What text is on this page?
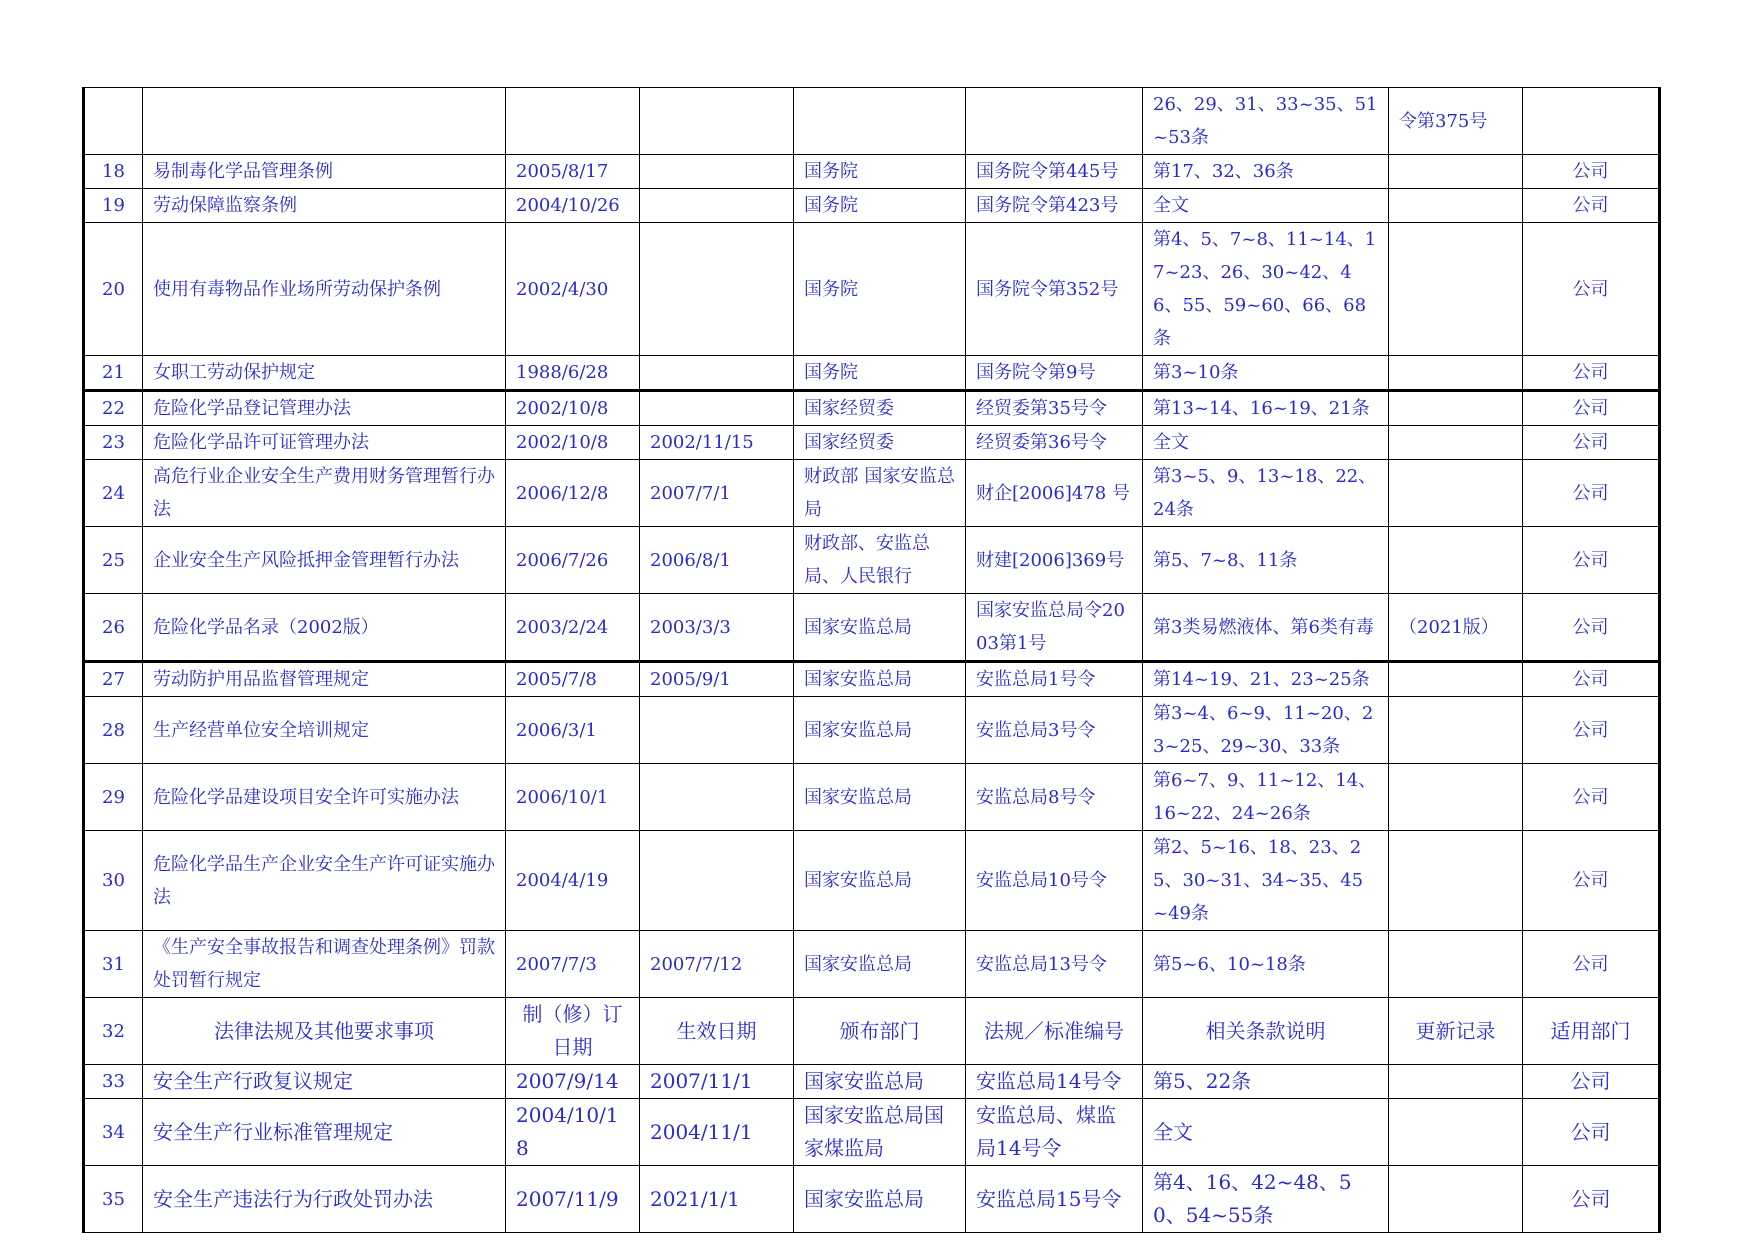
						26、29、31、33~35、51~53条	令第375号	
18	易制毒化学品管理条例	2005/8/17		国务院	国务院令第445号	第17、32、36条		公司
19	劳动保障监察条例	2004/10/26		国务院	国务院令第423号	全文		公司
20	使用有毒物品作业场所劳动保护条例	2002/4/30		国务院	国务院令第352号	第4、5、7~8、11~14、17~23、26、30~42、46、55、59~60、66、68条		公司
21	女职工劳动保护规定	1988/6/28		国务院	国务院令第9号	第3~10条		公司
22	危险化学品登记管理办法	2002/10/8		国家经贸委	经贸委第35号令	第13~14、16~19、21条		公司
23	危险化学品许可证管理办法	2002/10/8	2002/11/15	国家经贸委	经贸委第36号令	全文		公司
24	高危行业企业安全生产费用财务管理暂行办法	2006/12/8	2007/7/1	财政部 国家安监总局	财企[2006]478 号	第3~5、9、13~18、22、24条		公司
25	企业安全生产风险抵押金管理暂行办法	2006/7/26	2006/8/1	财政部、安监总局、人民银行	财建[2006]369号	第5、7~8、11条		公司
26	危险化学品名录（2002版）	2003/2/24	2003/3/3	国家安监总局	国家安监总局令2003第1号	第3类易燃液体、第6类有毒	（2021版）	公司
27	劳动防护用品监督管理规定	2005/7/8	2005/9/1	国家安监总局	安监总局1号令	第14~19、21、23~25条		公司
28	生产经营单位安全培训规定	2006/3/1		国家安监总局	安监总局3号令	第3~4、6~9、11~20、23~25、29~30、33条		公司
29	危险化学品建设项目安全许可实施办法	2006/10/1		国家安监总局	安监总局8号令	第6~7、9、11~12、14、16~22、24~26条		公司
30	危险化学品生产企业安全生产许可证实施办法	2004/4/19		国家安监总局	安监总局10号令	第2、5~16、18、23、25、30~31、34~35、45~49条		公司
31	《生产安全事故报告和调查处理条例》罚款处罚暂行规定	2007/7/3	2007/7/12	国家安监总局	安监总局13号令	第5~6、10~18条		公司
32	法律法规及其他要求事项	制（修）订日期	生效日期	颁布部门	法规／标准编号	相关条款说明	更新记录	适用部门
33	安全生产行政复议规定	2007/9/14	2007/11/1	国家安监总局	安监总局14号令	第5、22条		公司
34	安全生产行业标准管理规定	2004/10/18	2004/11/1	国家安监总局国家煤监局	安监总局、煤监局14号令	全文		公司
35	安全生产违法行为行政处罚办法	2007/11/9	2021/1/1	国家安监总局	安监总局15号令	第4、16、42~48、50、54~55条		公司
